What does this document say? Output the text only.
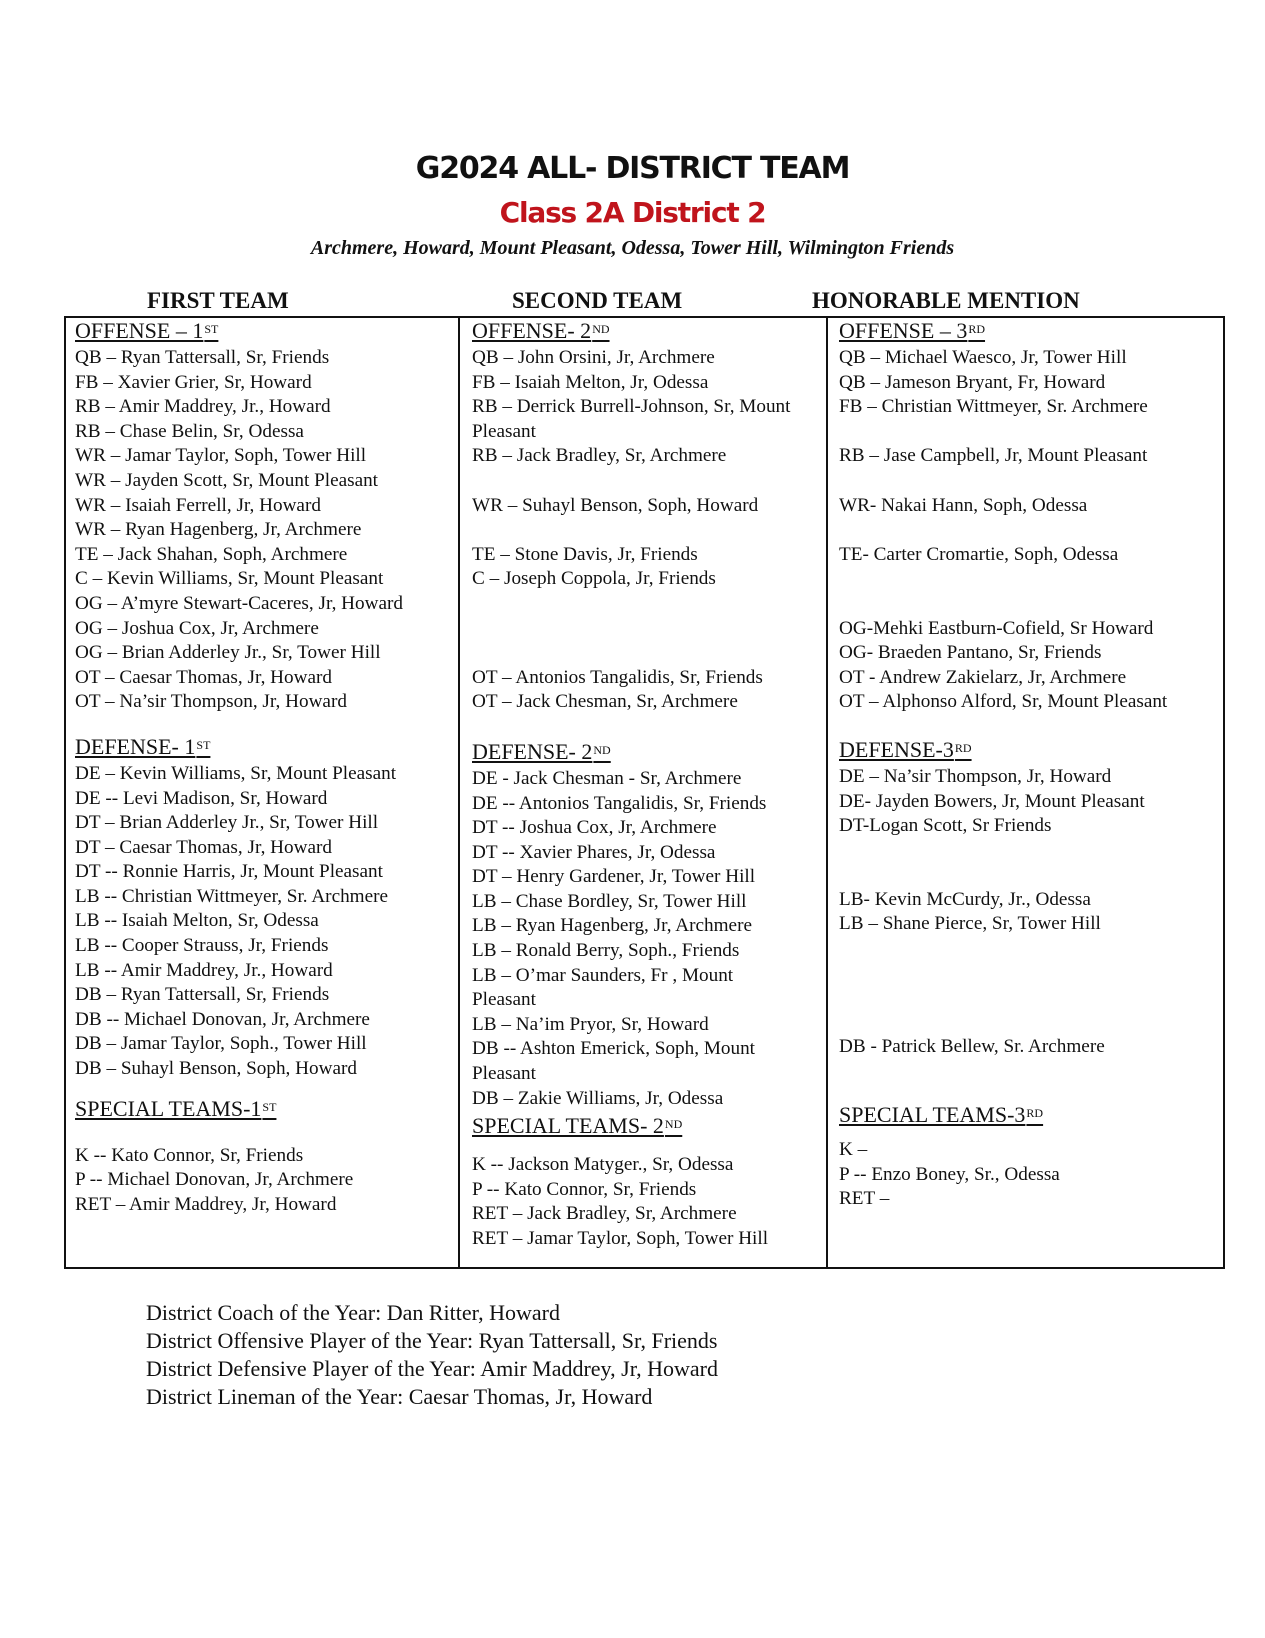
G2024 ALL- DISTRICT TEAM
Class 2A District 2
Archmere, Howard, Mount Pleasant, Odessa, Tower Hill, Wilmington Friends
FIRST TEAM	SECOND TEAM	HONORABLE MENTION
OFFENSE – 1ST
QB – Ryan Tattersall, Sr, Friends
FB – Xavier Grier, Sr, Howard
RB – Amir Maddrey, Jr., Howard
RB – Chase Belin, Sr, Odessa
WR – Jamar Taylor, Soph, Tower Hill
WR – Jayden Scott, Sr, Mount Pleasant
WR – Isaiah Ferrell, Jr, Howard
WR – Ryan Hagenberg, Jr, Archmere
TE – Jack Shahan, Soph, Archmere
C – Kevin Williams, Sr, Mount Pleasant
OG – A’myre Stewart-Caceres, Jr, Howard
OG – Joshua Cox, Jr, Archmere
OG – Brian Adderley Jr., Sr, Tower Hill
OT – Caesar Thomas, Jr, Howard
OT – Na’sir Thompson, Jr, Howard
DEFENSE- 1ST
DE – Kevin Williams, Sr, Mount Pleasant
DE -- Levi Madison, Sr, Howard
DT – Brian Adderley Jr., Sr, Tower Hill
DT – Caesar Thomas, Jr, Howard
DT -- Ronnie Harris, Jr, Mount Pleasant
LB -- Christian Wittmeyer, Sr. Archmere
LB -- Isaiah Melton, Sr, Odessa
LB -- Cooper Strauss, Jr, Friends
LB -- Amir Maddrey, Jr., Howard
DB – Ryan Tattersall, Sr, Friends
DB -- Michael Donovan, Jr, Archmere
DB – Jamar Taylor, Soph., Tower Hill
DB – Suhayl Benson, Soph, Howard
SPECIAL TEAMS-1ST
K -- Kato Connor, Sr, Friends
P -- Michael Donovan, Jr, Archmere
RET – Amir Maddrey, Jr, Howard
OFFENSE- 2ND
QB – John Orsini, Jr, Archmere
FB – Isaiah Melton, Jr, Odessa
RB – Derrick Burrell-Johnson, Sr, Mount
Pleasant
RB – Jack Bradley, Sr, Archmere
WR – Suhayl Benson, Soph, Howard
TE – Stone Davis, Jr, Friends
C – Joseph Coppola, Jr, Friends
OT – Antonios Tangalidis, Sr, Friends
OT – Jack Chesman, Sr, Archmere
DEFENSE- 2ND
DE - Jack Chesman - Sr, Archmere
DE -- Antonios Tangalidis, Sr, Friends
DT -- Joshua Cox, Jr, Archmere
DT -- Xavier Phares, Jr, Odessa
DT – Henry Gardener, Jr, Tower Hill
LB – Chase Bordley, Sr, Tower Hill
LB – Ryan Hagenberg, Jr, Archmere
LB – Ronald Berry, Soph., Friends
LB – O’mar Saunders, Fr , Mount
Pleasant
LB – Na’im Pryor, Sr, Howard
DB -- Ashton Emerick, Soph, Mount
Pleasant
DB – Zakie Williams, Jr, Odessa
SPECIAL TEAMS- 2ND
K -- Jackson Matyger., Sr, Odessa
P -- Kato Connor, Sr, Friends
RET – Jack Bradley, Sr, Archmere
RET – Jamar Taylor, Soph, Tower Hill
OFFENSE – 3RD
QB – Michael Waesco, Jr, Tower Hill
QB – Jameson Bryant, Fr, Howard
FB – Christian Wittmeyer, Sr. Archmere
RB – Jase Campbell, Jr, Mount Pleasant
WR- Nakai Hann, Soph, Odessa
TE- Carter Cromartie, Soph, Odessa
OG-Mehki Eastburn-Cofield, Sr Howard
OG- Braeden Pantano, Sr, Friends
OT - Andrew Zakielarz, Jr, Archmere
OT – Alphonso Alford, Sr, Mount Pleasant
DEFENSE-3RD
DE – Na’sir Thompson, Jr, Howard
DE- Jayden Bowers, Jr, Mount Pleasant
DT-Logan Scott, Sr Friends
LB- Kevin McCurdy, Jr., Odessa
LB – Shane Pierce, Sr, Tower Hill
DB - Patrick Bellew, Sr. Archmere
SPECIAL TEAMS-3RD
K –
P -- Enzo Boney, Sr., Odessa
RET –
District Coach of the Year: Dan Ritter, Howard
District Offensive Player of the Year: Ryan Tattersall, Sr, Friends
District Defensive Player of the Year: Amir Maddrey, Jr, Howard
District Lineman of the Year: Caesar Thomas, Jr, Howard
